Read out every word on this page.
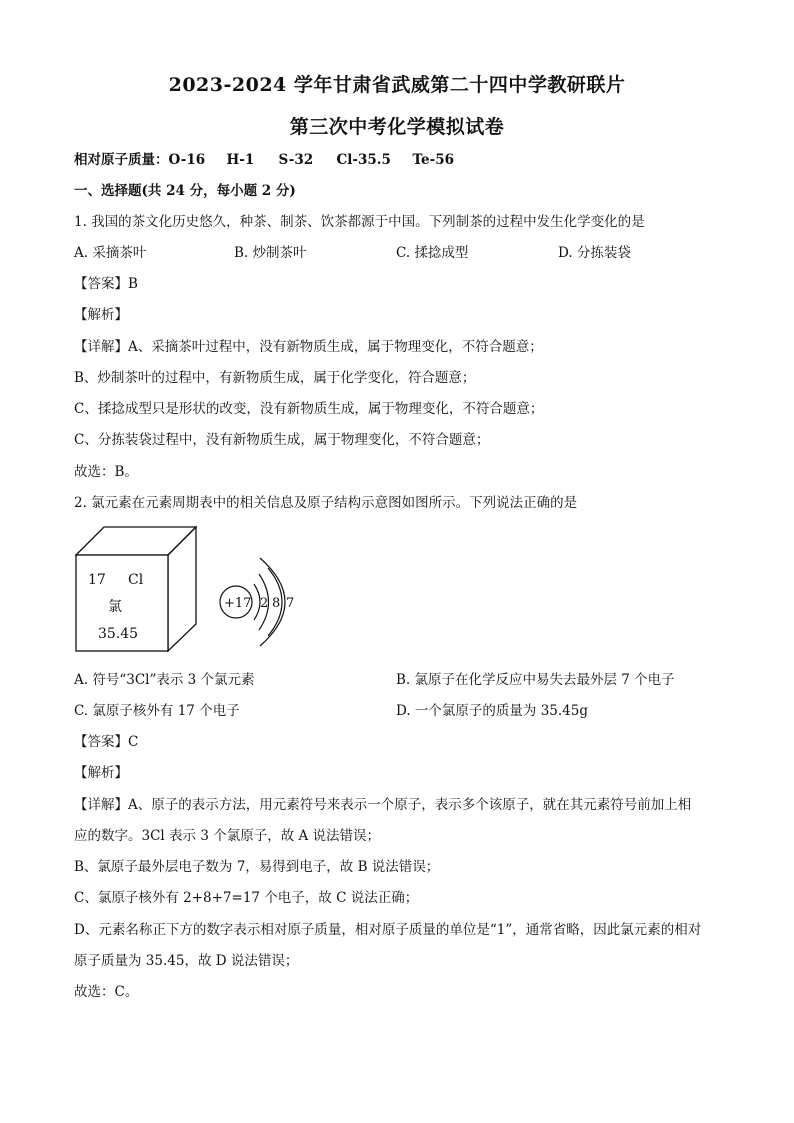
2023-2024 学年甘肃省武威第二十四中学教研联片
第三次中考化学模拟试卷
相对原子质量：O-16 H-1 S-32 Cl-35.5 Te-56
一、选择题(共 24 分，每小题 2 分)
1. 我国的茶文化历史悠久，种茶、制茶、饮茶都源于中国。下列制茶的过程中发生化学变化的是
A. 采摘茶叶	B. 炒制茶叶	C. 揉捻成型	D. 分拣装袋
【答案】B
【解析】
【详解】A、采摘茶叶过程中，没有新物质生成，属于物理变化，不符合题意；
B、炒制茶叶的过程中，有新物质生成，属于化学变化，符合题意；
C、揉捻成型只是形状的改变，没有新物质生成，属于物理变化，不符合题意；
C、分拣装袋过程中，没有新物质生成，属于物理变化，不符合题意；
故选：B。
2. 氯元素在元素周期表中的相关信息及原子结构示意图如图所示。下列说法正确的是
17 Cl
氯
35.45
+17 2 8 7
A. 符号“3Cl”表示 3 个氯元素	B. 氯原子在化学反应中易失去最外层 7 个电子
C. 氯原子核外有 17 个电子	D. 一个氯原子的质量为 35.45g
【答案】C
【解析】
【详解】A、原子的表示方法，用元素符号来表示一个原子，表示多个该原子，就在其元素符号前加上相
应的数字。3Cl 表示 3 个氯原子，故 A 说法错误；
B、氯原子最外层电子数为 7，易得到电子，故 B 说法错误；
C、氯原子核外有 2+8+7=17 个电子，故 C 说法正确；
D、元素名称正下方的数字表示相对原子质量，相对原子质量的单位是“1”，通常省略，因此氯元素的相对
原子质量为 35.45，故 D 说法错误；
故选：C。
